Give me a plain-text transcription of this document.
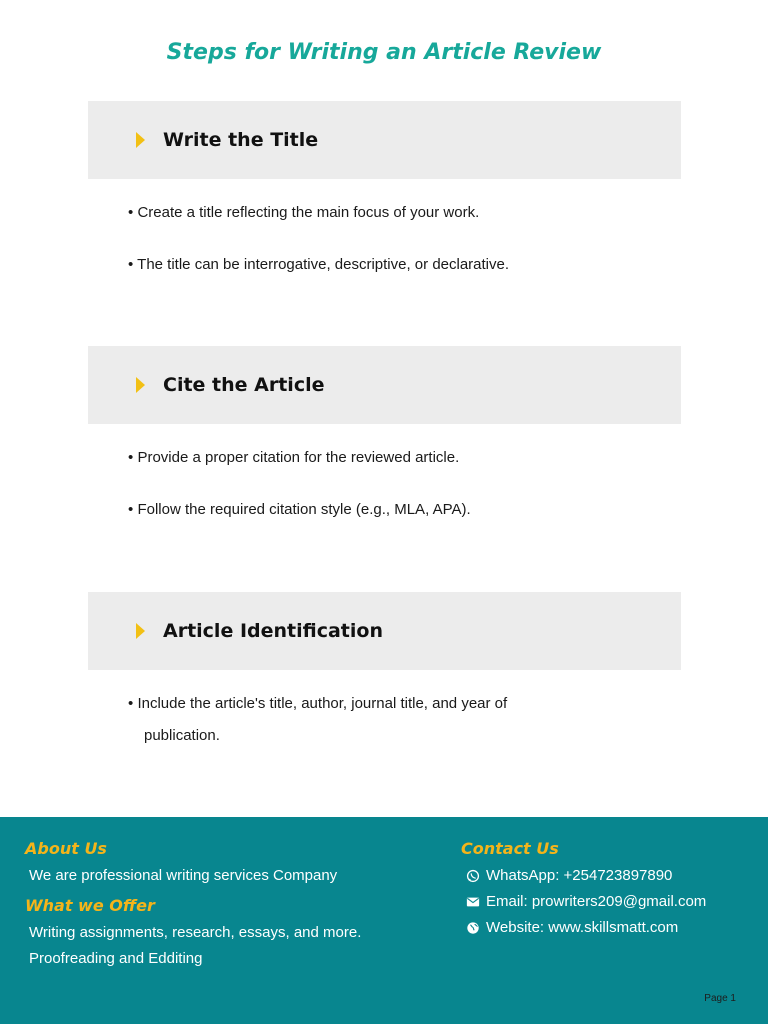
Steps for Writing an Article Review
Write the Title
• Create a title reflecting the main focus of your work.
• The title can be interrogative, descriptive, or declarative.
Cite the Article
• Provide a proper citation for the reviewed article.
• Follow the required citation style (e.g., MLA, APA).
Article Identification
• Include the article's title, author, journal title, and year of
publication.
About Us
We are professional writing services Company
What we Offer
Writing assignments, research, essays, and more.
Proofreading and Edditing
Contact Us
WhatsApp: +254723897890
Email: prowriters209@gmail.com
Website: www.skillsmatt.com
Page 1
